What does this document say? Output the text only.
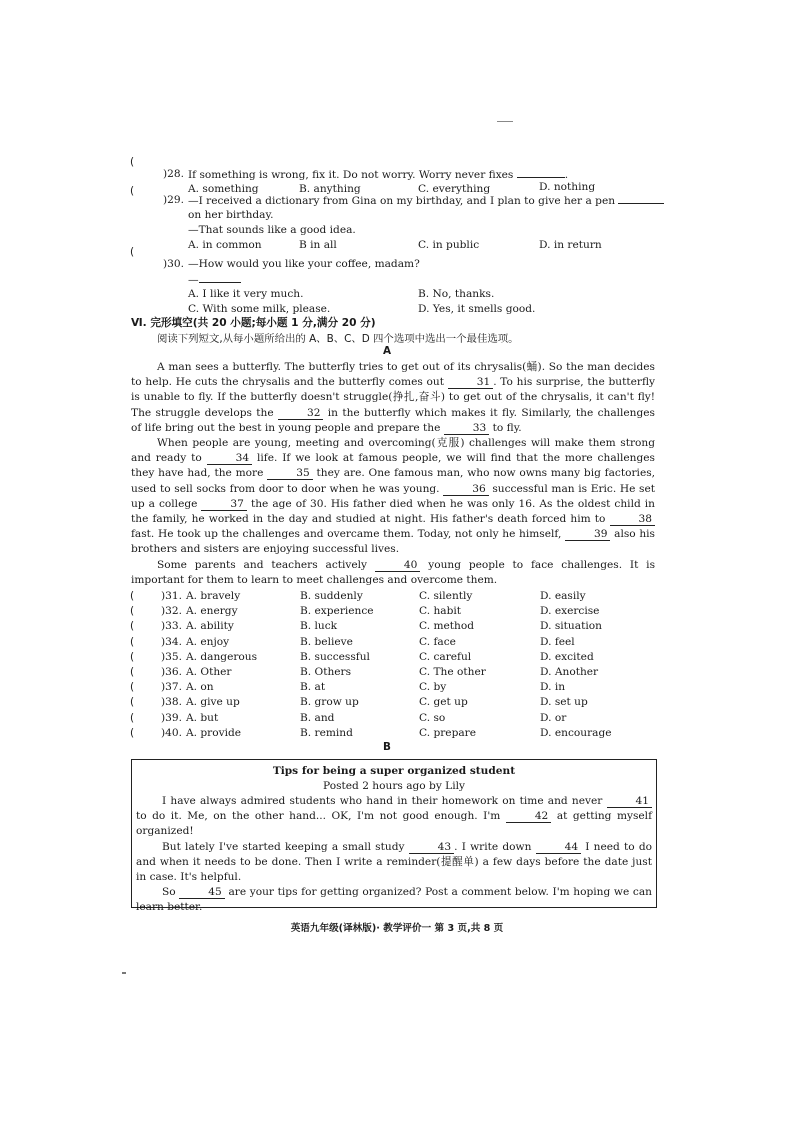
(
)28. If something is wrong, fix it. Do not worry. Worry never fixes	.
A. something	B. anything	C. everything	D. nothing
(
)29. —I received a dictionary from Gina on my birthday, and I plan to give her a pen
on her birthday.
—That sounds like a good idea.
A. in common	B in all	C. in public	D. in return
(
)30. —How would you like your coffee, madam?
—
A. I like it very much.	B. No, thanks.
C. With some milk, please.	D. Yes, it smells good.
Ⅵ. 完形填空(共 20 小题;每小题 1 分,满分 20 分)
阅读下列短文,从每小题所给出的 A、B、C、D 四个选项中选出一个最佳选项。
A

A man sees a butterfly. The butterfly tries to get out of its chrysalis(蛹). So the man decides to help. He cuts the chrysalis and the butterfly comes out	31 . To his surprise, the butterfly is unable to fly. If the butterfly doesn't struggle(挣扎,奋斗) to get out of the chrysalis, it can't fly! The struggle develops the	32 in the butterfly which makes it fly. Similarly, the challenges of life bring out the best in young people and prepare the	33 to fly.

When people are young, meeting and overcoming(克服) challenges will make them strong and ready to	34 life. If we look at famous people, we will find that the more challenges they have had, the more	35 they are. One famous man, who now owns many big factories, used to sell socks from door to door when he was young.	36 successful man is Eric. He set up a college	37 the age of 30. His father died when he was only 16. As the oldest child in the family, he worked in the day and studied at night. His father's death forced him to	38 fast. He took up the challenges and overcame them. Today, not only he himself,	39 also his brothers and sisters are enjoying successful lives.

Some parents and teachers actively	40 young people to face challenges. It is important for them to learn to meet challenges and overcome them.

(	)31. A. bravely	B. suddenly	C. silently	D. easily
(	)32. A. energy	B. experience	C. habit	D. exercise
(	)33. A. ability	B. luck	C. method	D. situation
(	)34. A. enjoy	B. believe	C. face	D. feel
(	)35. A. dangerous	B. successful	C. careful	D. excited
(	)36. A. Other	B. Others	C. The other	D. Another
(	)37. A. on	B. at	C. by	D. in
(	)38. A. give up	B. grow up	C. get up	D. set up
(	)39. A. but	B. and	C. so	D. or
(	)40. A. provide	B. remind	C. prepare	D. encourage
B
Tips for being a super organized student
Posted 2 hours ago by Lily

I have always admired students who hand in their homework on time and never	41 to do it. Me, on the other hand... OK, I'm not good enough. I'm	42 at getting myself organized!

But lately I've started keeping a small study	43 . I write down	44 I need to do and when it needs to be done. Then I write a reminder(提醒单) a few days before the date just in case. It's helpful.

So	45 are your tips for getting organized? Post a comment below. I'm hoping we can learn better.

英语九年级(译林版)· 教学评价一 第 3 页,共 8 页
